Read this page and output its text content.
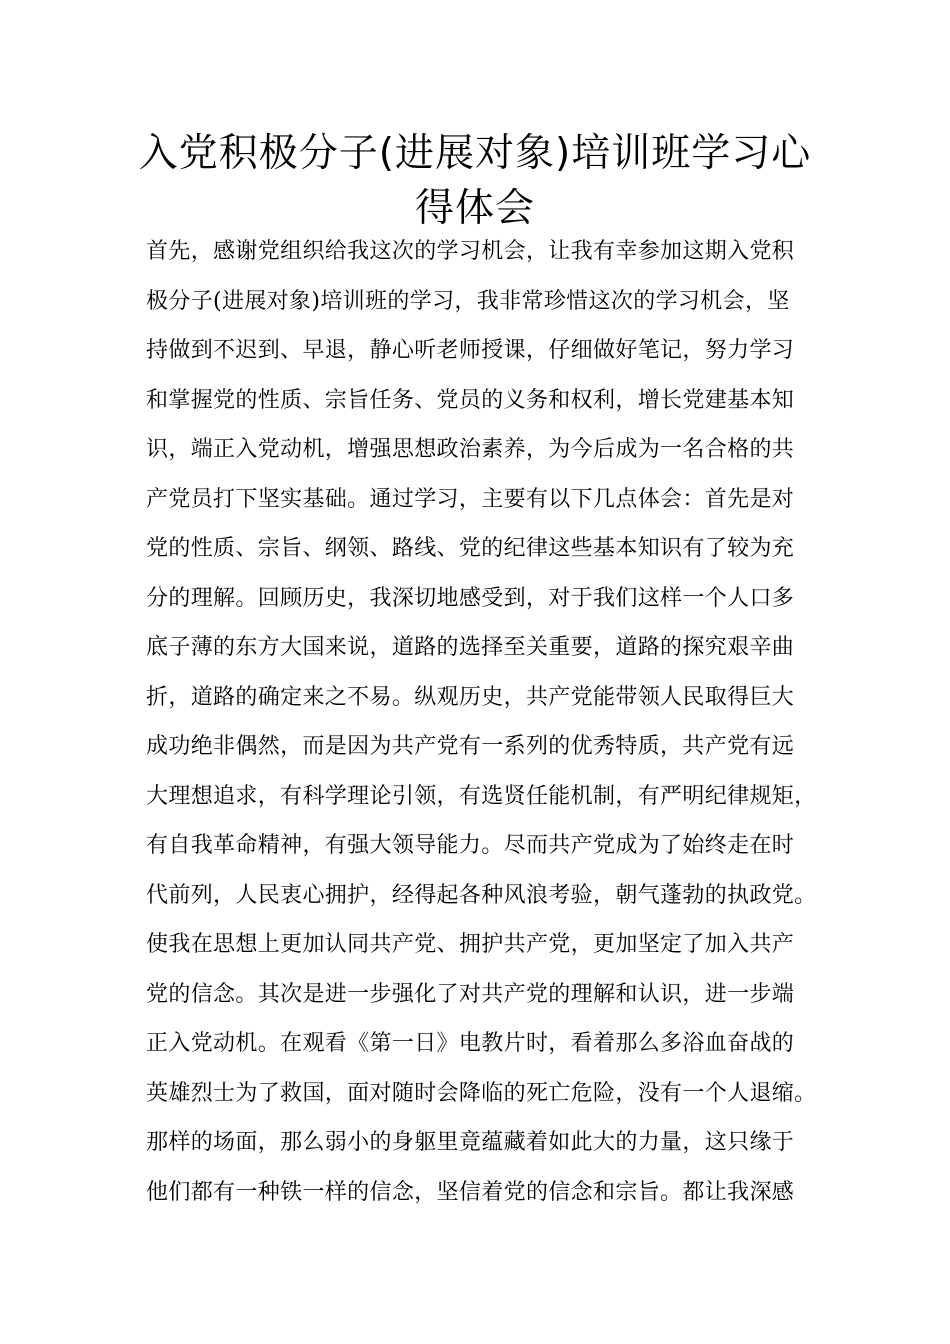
入党积极分子(进展对象)培训班学习心
得体会
首先，感谢党组织给我这次的学习机会，让我有幸参加这期入党积
极分子(进展对象)培训班的学习，我非常珍惜这次的学习机会，坚
持做到不迟到、早退，静心听老师授课，仔细做好笔记，努力学习
和掌握党的性质、宗旨任务、党员的义务和权利，增长党建基本知
识，端正入党动机，增强思想政治素养，为今后成为一名合格的共
产党员打下坚实基础。通过学习，主要有以下几点体会：首先是对
党的性质、宗旨、纲领、路线、党的纪律这些基本知识有了较为充
分的理解。回顾历史，我深切地感受到，对于我们这样一个人口多
底子薄的东方大国来说，道路的选择至关重要，道路的探究艰辛曲
折，道路的确定来之不易。纵观历史，共产党能带领人民取得巨大
成功绝非偶然，而是因为共产党有一系列的优秀特质，共产党有远
大理想追求，有科学理论引领，有选贤任能机制，有严明纪律规矩，
有自我革命精神，有强大领导能力。尽而共产党成为了始终走在时
代前列，人民衷心拥护，经得起各种风浪考验，朝气蓬勃的执政党。
使我在思想上更加认同共产党、拥护共产党，更加坚定了加入共产
党的信念。其次是进一步强化了对共产党的理解和认识，进一步端
正入党动机。在观看《第一日》电教片时，看着那么多浴血奋战的
英雄烈士为了救国，面对随时会降临的死亡危险，没有一个人退缩。
那样的场面，那么弱小的身躯里竟蕴藏着如此大的力量，这只缘于
他们都有一种铁一样的信念，坚信着党的信念和宗旨。都让我深感
